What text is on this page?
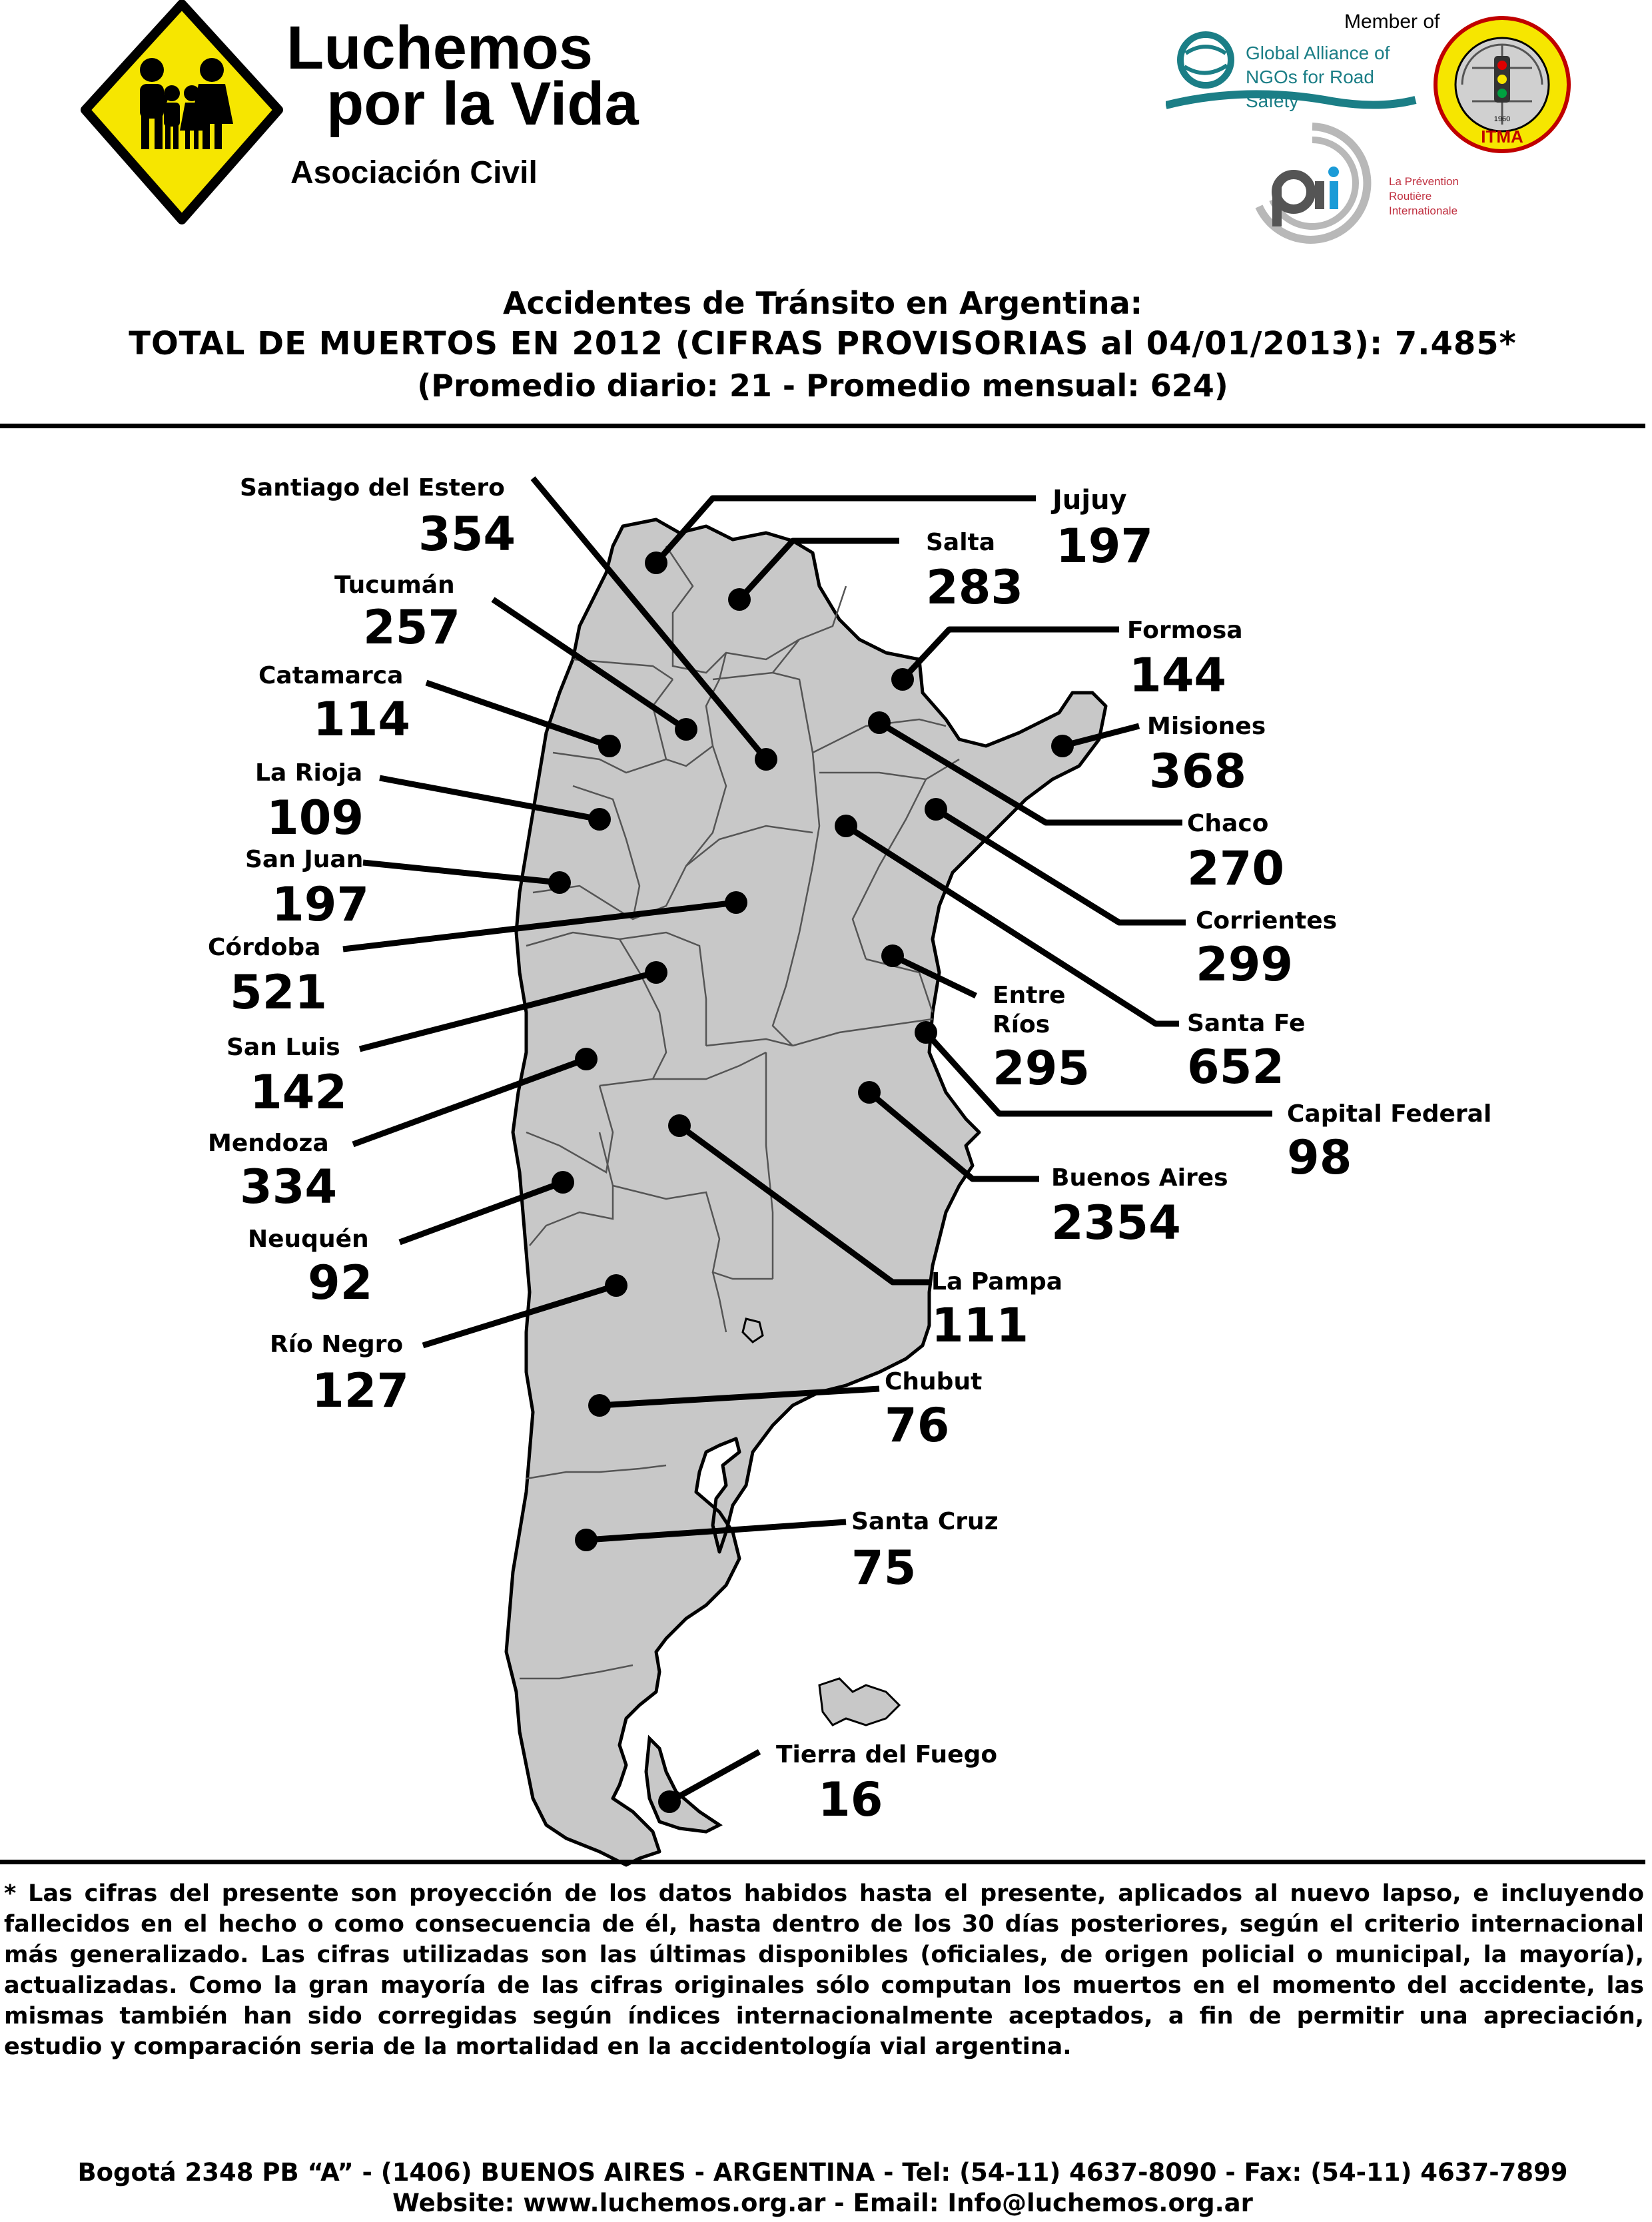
Luchemos
por la Vida
Asociación Civil
Member of
Global Alliance of NGOs for Road Safety
La Prévention Routière Internationale
ITMA
1960
Accidentes de Tránsito en Argentina:
TOTAL DE MUERTOS EN 2012 (CIFRAS PROVISORIAS al 04/01/2013): 7.485*
(Promedio diario: 21 - Promedio mensual: 624)
Santiago del Estero
354
Tucumán
257
Catamarca
114
La Rioja
109
San Juan
197
Córdoba
521
San Luis
142
Mendoza
334
Neuquén
92
Río Negro
127
Jujuy
197
Salta
283
Formosa
144
Misiones
368
Chaco
270
Corrientes
299
Entre
Ríos
295
Santa Fe
652
Capital Federal
98
Buenos Aires
2354
La Pampa
111
Chubut
76
Santa Cruz
75
Tierra del Fuego
16
* Las cifras del presente son proyección de los datos habidos hasta el presente, aplicados al nuevo lapso, e incluyendo fallecidos en el hecho o como consecuencia de él, hasta dentro de los 30 días posteriores, según el criterio internacional más generalizado. Las cifras utilizadas son las últimas disponibles (oficiales, de origen policial o municipal, la mayoría), actualizadas. Como la gran mayoría de las cifras originales sólo computan los muertos en el momento del accidente, las mismas también han sido corregidas según índices internacionalmente aceptados, a fin de permitir una apreciación, estudio y comparación seria de la mortalidad en la accidentología vial argentina.
Bogotá 2348 PB “A” - (1406) BUENOS AIRES - ARGENTINA - Tel: (54-11) 4637-8090 - Fax: (54-11) 4637-7899
Website: www.luchemos.org.ar - Email: Info@luchemos.org.ar
